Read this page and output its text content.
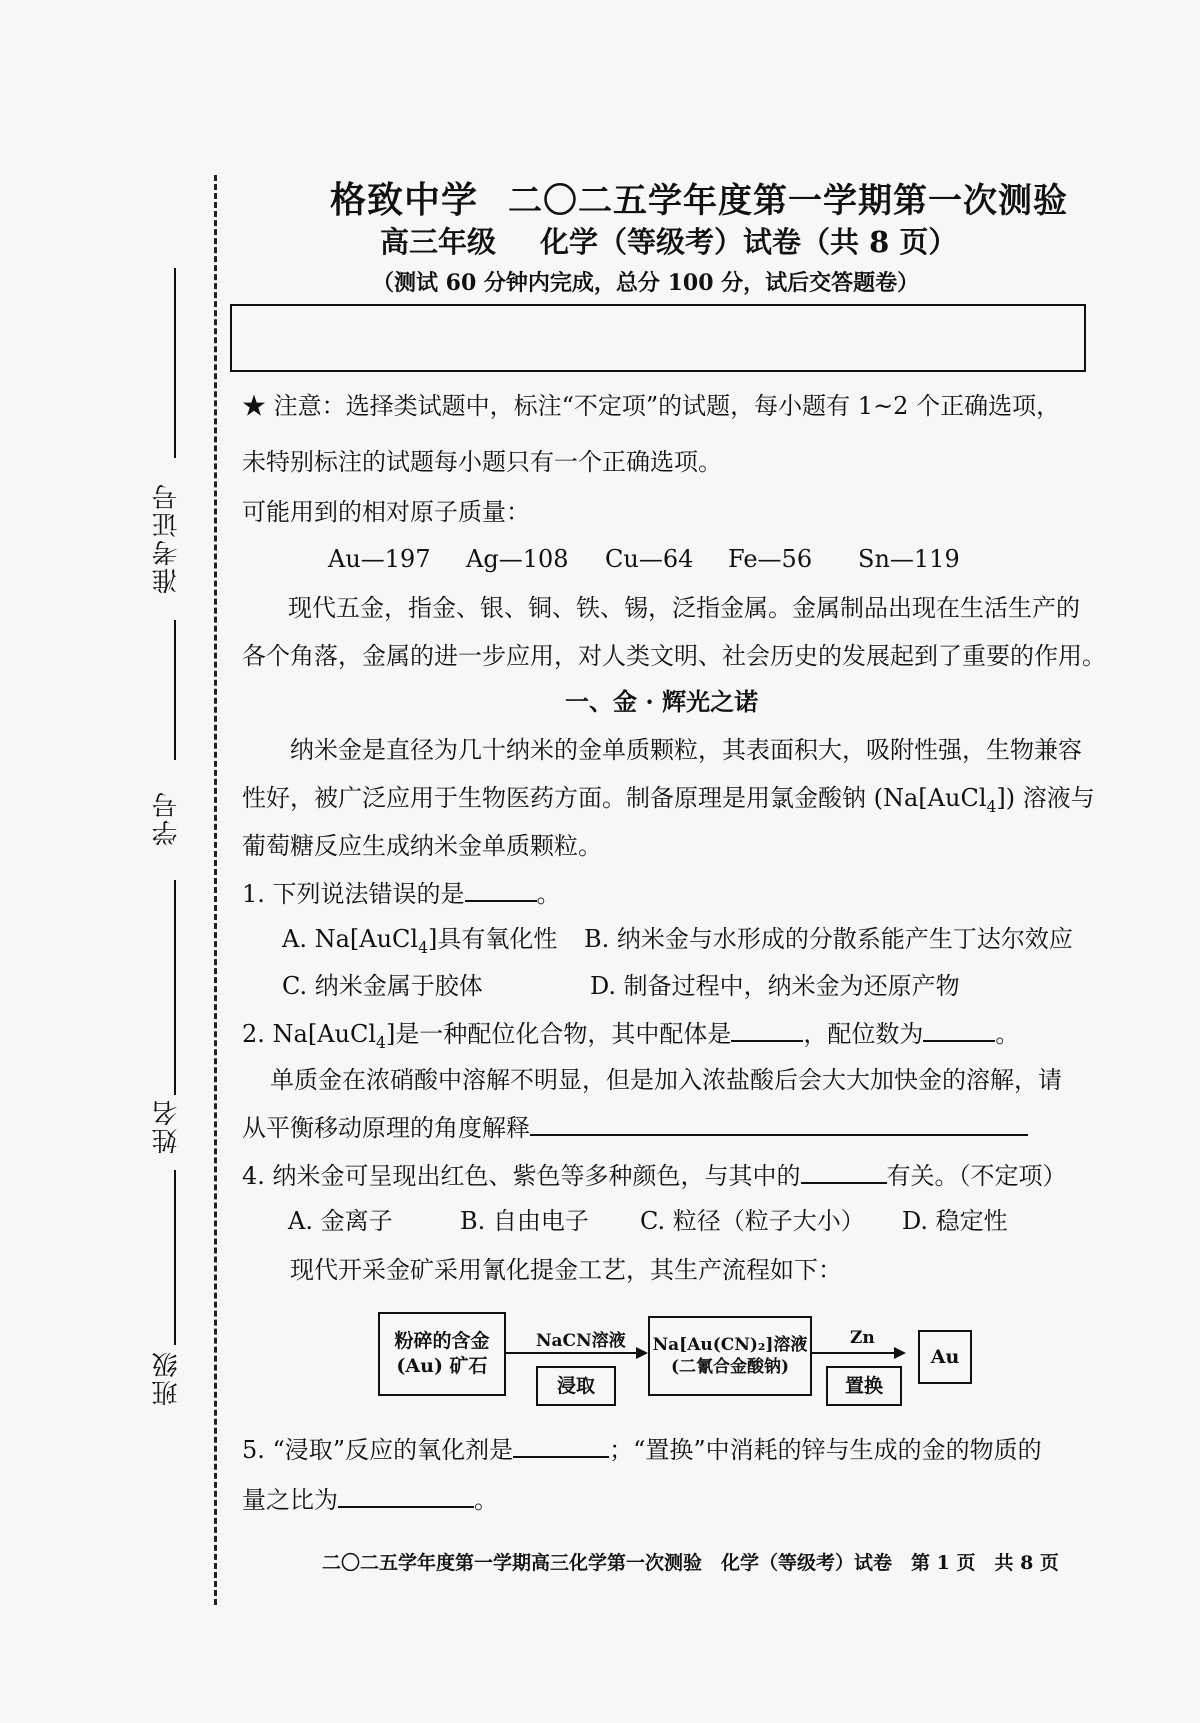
准考证号
学号
姓名
班级
格致中学 二〇二五学年度第一学期第一次测验
高三年级 化学（等级考）试卷（共 8 页）
（测试 60 分钟内完成，总分 100 分，试后交答题卷）
★ 注意：选择类试题中，标注“不定项”的试题，每小题有 1~2 个正确选项，
未特别标注的试题每小题只有一个正确选项。
可能用到的相对原子质量：
Au—197 Ag—108 Cu—64 Fe—56 Sn—119
现代五金，指金、银、铜、铁、锡，泛指金属。金属制品出现在生活生产的
各个角落，金属的进一步应用，对人类文明、社会历史的发展起到了重要的作用。
一、金 · 辉光之诺
纳米金是直径为几十纳米的金单质颗粒，其表面积大，吸附性强，生物兼容
性好，被广泛应用于生物医药方面。制备原理是用氯金酸钠 (Na[AuCl$_4$]) 溶液与
葡萄糖反应生成纳米金单质颗粒。
1. 下列说法错误的是	。
A. Na[AuCl$_4$]具有氧化性 B. 纳米金与水形成的分散系能产生丁达尔效应
C. 纳米金属于胶体	D. 制备过程中，纳米金为还原产物
2. Na[AuCl$_4$]是一种配位化合物，其中配体是	，配位数为	。
单质金在浓硝酸中溶解不明显，但是加入浓盐酸后会大大加快金的溶解，请
从平衡移动原理的角度解释
4. 纳米金可呈现出红色、紫色等多种颜色，与其中的	有关。（不定项）
A. 金离子	B. 自由电子 C. 粒径（粒子大小） D. 稳定性
现代开采金矿采用氰化提金工艺，其生产流程如下：
粉碎的含金
(Au) 矿石
NaCN溶液
浸取
Na[Au(CN)₂]溶液
(二氰合金酸钠)
Zn
置换
Au
5. “浸取”反应的氧化剂是	；“置换”中消耗的锌与生成的金的物质的
量之比为	。
二〇二五学年度第一学期高三化学第一次测验　化学（等级考）试卷　第 1 页　共 8 页
